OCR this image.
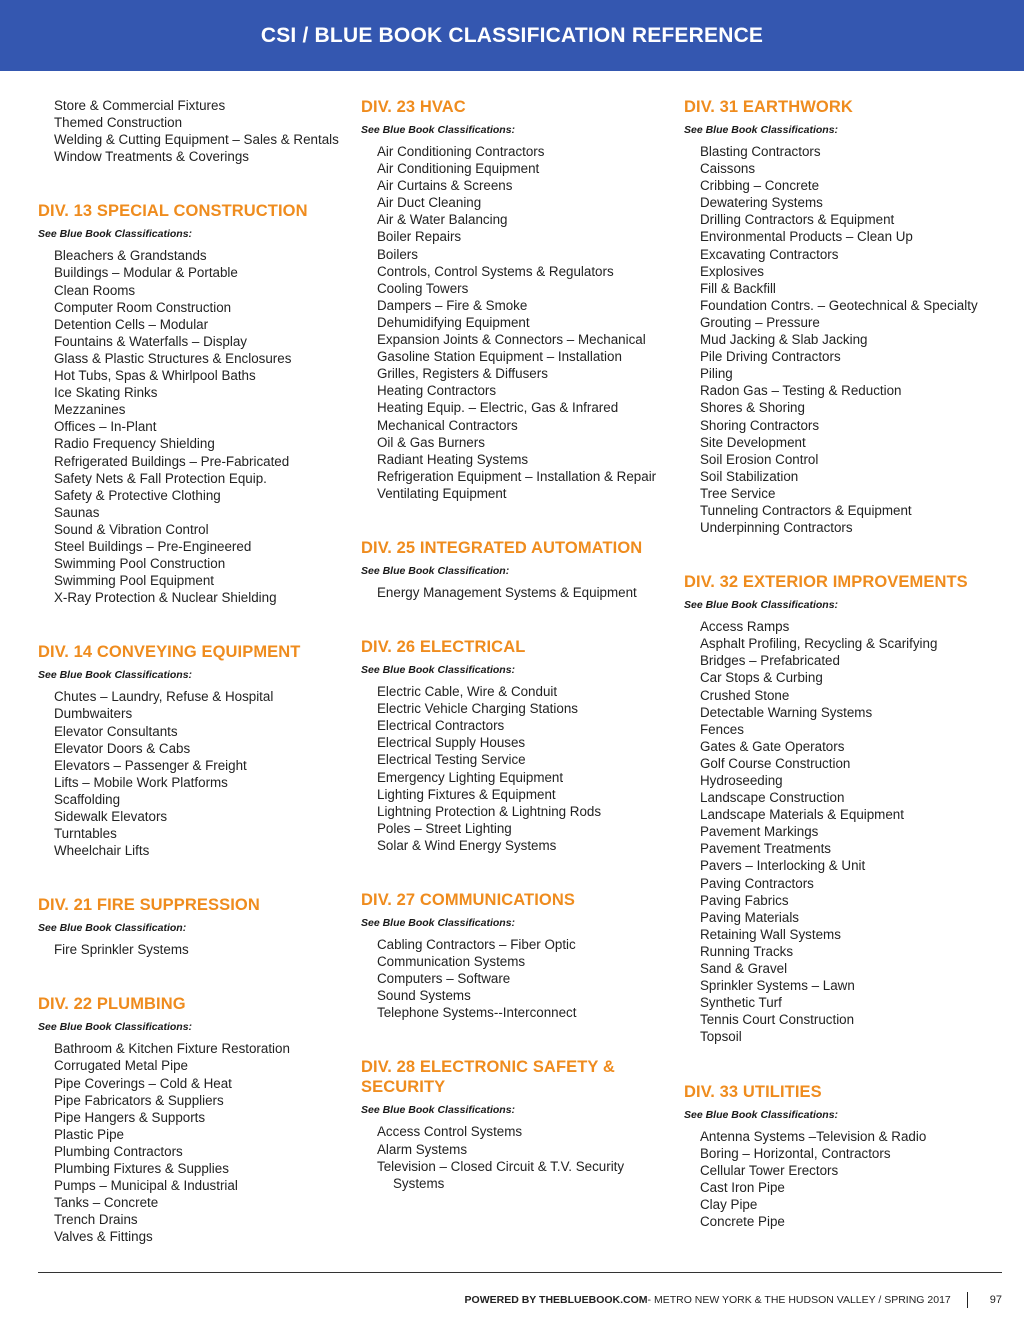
CSI / BLUE BOOK CLASSIFICATION REFERENCE
Store & Commercial Fixtures
Themed Construction
Welding & Cutting Equipment – Sales & Rentals
Window Treatments & Coverings
DIV. 13 SPECIAL CONSTRUCTION
See Blue Book Classifications:
Bleachers & Grandstands
Buildings – Modular & Portable
Clean Rooms
Computer Room Construction
Detention Cells – Modular
Fountains & Waterfalls – Display
Glass & Plastic Structures & Enclosures
Hot Tubs, Spas & Whirlpool Baths
Ice Skating Rinks
Mezzanines
Offices – In-Plant
Radio Frequency Shielding
Refrigerated Buildings – Pre-Fabricated
Safety Nets & Fall Protection Equip.
Safety & Protective Clothing
Saunas
Sound & Vibration Control
Steel Buildings – Pre-Engineered
Swimming Pool Construction
Swimming Pool Equipment
X-Ray Protection & Nuclear Shielding
DIV. 14 CONVEYING EQUIPMENT
See Blue Book Classifications:
Chutes – Laundry, Refuse & Hospital
Dumbwaiters
Elevator Consultants
Elevator Doors & Cabs
Elevators – Passenger & Freight
Lifts – Mobile Work Platforms
Scaffolding
Sidewalk Elevators
Turntables
Wheelchair Lifts
DIV. 21 FIRE SUPPRESSION
See Blue Book Classification:
Fire Sprinkler Systems
DIV. 22 PLUMBING
See Blue Book Classifications:
Bathroom & Kitchen Fixture Restoration
Corrugated Metal Pipe
Pipe Coverings – Cold & Heat
Pipe Fabricators & Suppliers
Pipe Hangers & Supports
Plastic Pipe
Plumbing Contractors
Plumbing Fixtures & Supplies
Pumps – Municipal & Industrial
Tanks – Concrete
Trench Drains
Valves & Fittings
DIV. 23 HVAC
See Blue Book Classifications:
Air Conditioning Contractors
Air Conditioning Equipment
Air Curtains & Screens
Air Duct Cleaning
Air & Water Balancing
Boiler Repairs
Boilers
Controls, Control Systems & Regulators
Cooling Towers
Dampers – Fire & Smoke
Dehumidifying Equipment
Expansion Joints & Connectors – Mechanical
Gasoline Station Equipment – Installation
Grilles, Registers & Diffusers
Heating Contractors
Heating Equip. – Electric, Gas & Infrared
Mechanical Contractors
Oil & Gas Burners
Radiant Heating Systems
Refrigeration Equipment – Installation & Repair
Ventilating Equipment
DIV. 25 INTEGRATED AUTOMATION
See Blue Book Classification:
Energy Management Systems & Equipment
DIV. 26 ELECTRICAL
See Blue Book Classifications:
Electric Cable, Wire & Conduit
Electric Vehicle Charging Stations
Electrical Contractors
Electrical Supply Houses
Electrical Testing Service
Emergency Lighting Equipment
Lighting Fixtures & Equipment
Lightning Protection & Lightning Rods
Poles – Street Lighting
Solar & Wind Energy Systems
DIV. 27 COMMUNICATIONS
See Blue Book Classifications:
Cabling Contractors – Fiber Optic
Communication Systems
Computers – Software
Sound Systems
Telephone Systems--Interconnect
DIV. 28 ELECTRONIC SAFETY & SECURITY
See Blue Book Classifications:
Access Control Systems
Alarm Systems
Television – Closed Circuit & T.V. Security Systems
DIV. 31 EARTHWORK
See Blue Book Classifications:
Blasting Contractors
Caissons
Cribbing – Concrete
Dewatering Systems
Drilling Contractors & Equipment
Environmental Products – Clean Up
Excavating Contractors
Explosives
Fill & Backfill
Foundation Contrs. – Geotechnical & Specialty
Grouting – Pressure
Mud Jacking & Slab Jacking
Pile Driving Contractors
Piling
Radon Gas – Testing & Reduction
Shores & Shoring
Shoring Contractors
Site Development
Soil Erosion Control
Soil Stabilization
Tree Service
Tunneling Contractors & Equipment
Underpinning Contractors
DIV. 32 EXTERIOR IMPROVEMENTS
See Blue Book Classifications:
Access Ramps
Asphalt Profiling, Recycling & Scarifying
Bridges – Prefabricated
Car Stops & Curbing
Crushed Stone
Detectable Warning Systems
Fences
Gates & Gate Operators
Golf Course Construction
Hydroseeding
Landscape Construction
Landscape Materials & Equipment
Pavement Markings
Pavement Treatments
Pavers – Interlocking & Unit
Paving Contractors
Paving Fabrics
Paving Materials
Retaining Wall Systems
Running Tracks
Sand & Gravel
Sprinkler Systems – Lawn
Synthetic Turf
Tennis Court Construction
Topsoil
DIV. 33 UTILITIES
See Blue Book Classifications:
Antenna Systems –Television & Radio
Boring – Horizontal, Contractors
Cellular Tower Erectors
Cast Iron Pipe
Clay Pipe
Concrete Pipe
POWERED BY THEBLUEBOOK.COM - METRO NEW YORK & THE HUDSON VALLEY / SPRING 2017	97
